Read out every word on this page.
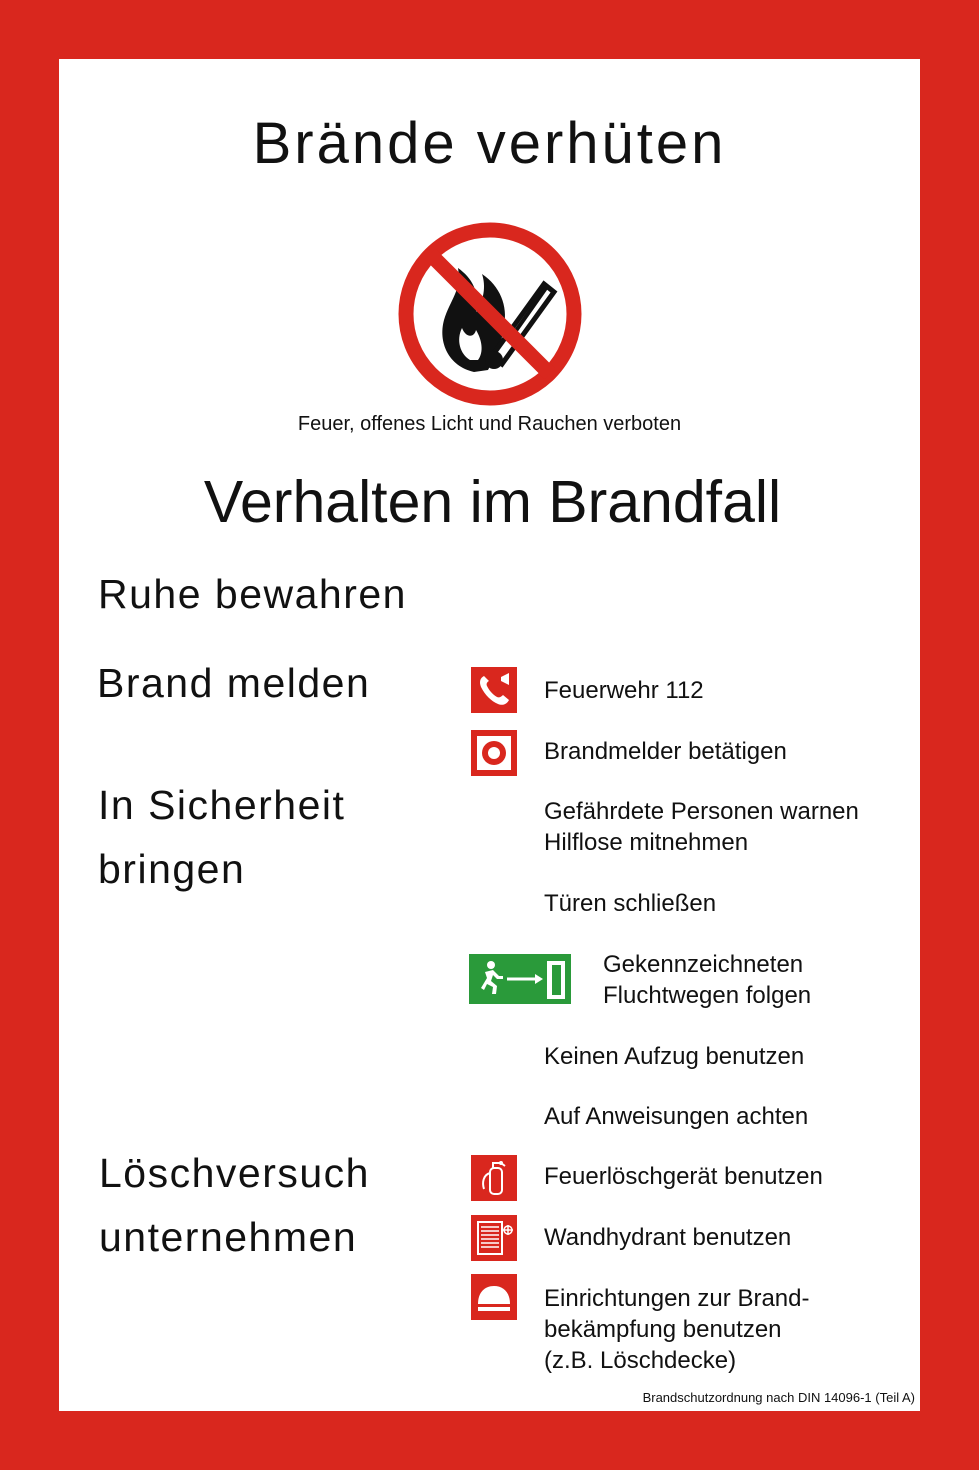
Brände verhüten
Feuer, offenes Licht und Rauchen verboten
Verhalten im Brandfall
Ruhe bewahren
Brand melden
In Sicherheit
bringen
Löschversuch
unternehmen
Feuerwehr 112
Brandmelder betätigen
Gefährdete Personen warnen
Hilflose mitnehmen
Türen schließen
Gekennzeichneten
Fluchtwegen folgen
Keinen Aufzug benutzen
Auf Anweisungen achten
Feuerlöschgerät benutzen
Wandhydrant benutzen
Einrichtungen zur Brand-
bekämpfung benutzen
(z.B. Löschdecke)
Brandschutzordnung nach DIN 14096-1 (Teil A)
